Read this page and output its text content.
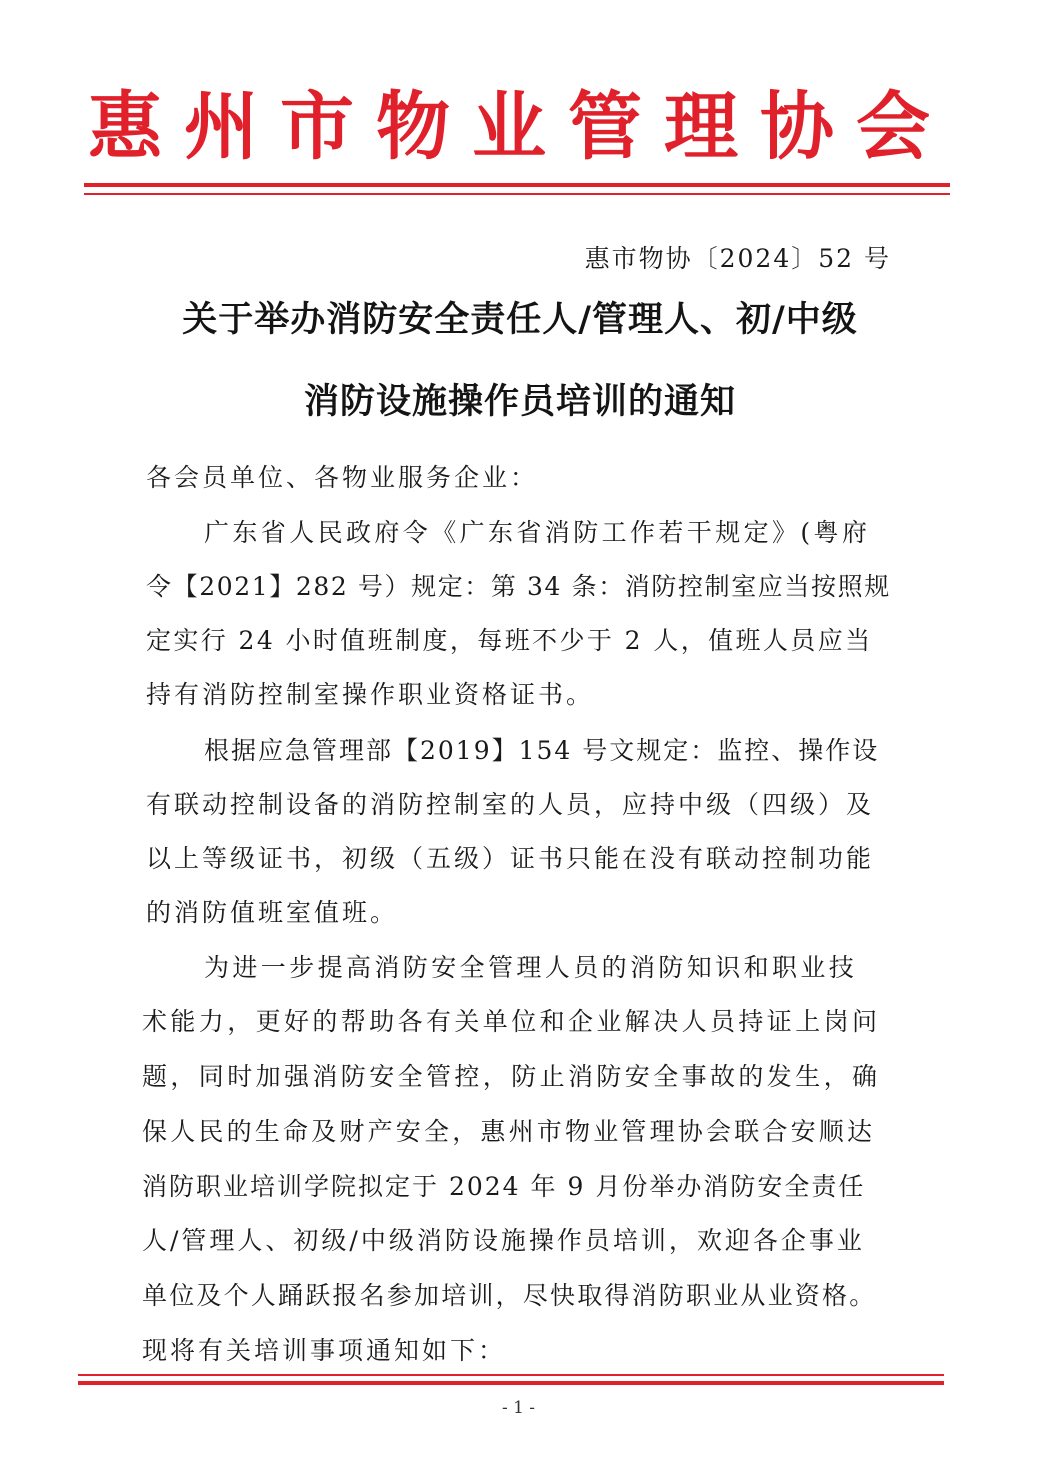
惠州市物业管理协会
惠市物协〔2024〕52 号
关于举办消防安全责任人/管理人、初/中级
消防设施操作员培训的通知
各会员单位、各物业服务企业：
广东省人民政府令《广东省消防工作若干规定》(粤府
令【2021】282 号）规定：第 34 条：消防控制室应当按照规
定实行 24 小时值班制度，每班不少于 2 人，值班人员应当
持有消防控制室操作职业资格证书。
根据应急管理部【2019】154 号文规定：监控、操作设
有联动控制设备的消防控制室的人员，应持中级（四级）及
以上等级证书，初级（五级）证书只能在没有联动控制功能
的消防值班室值班。
为进一步提高消防安全管理人员的消防知识和职业技
术能力，更好的帮助各有关单位和企业解决人员持证上岗问
题，同时加强消防安全管控，防止消防安全事故的发生，确
保人民的生命及财产安全，惠州市物业管理协会联合安顺达
消防职业培训学院拟定于 2024 年 9 月份举办消防安全责任
人/管理人、初级/中级消防设施操作员培训，欢迎各企事业
单位及个人踊跃报名参加培训，尽快取得消防职业从业资格。
现将有关培训事项通知如下：
- 1 -
